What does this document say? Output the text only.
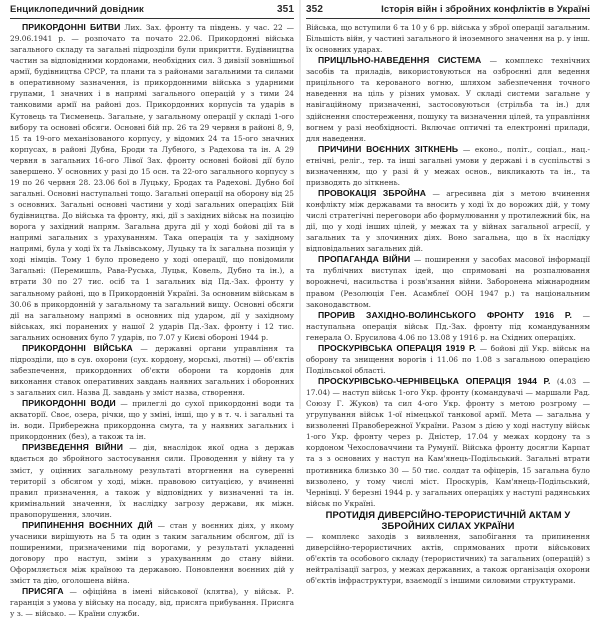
Енциклопедичний довідник	351

ПРИКОРДОННІ БИТВИ Лих. Зах. фронту та південь. у час. 22 — 29.06.1941 р. — розпочато та почато 22.06. Прикордонні війська загального складу та загальні підрозділи були прикриття. Будівництва частин за відповідними кордонами, необхідних сил. 3 дивізії зовнішньої армії, будівництва СРСР, та плани та з районами загальними та силами в оперативному зазначення, із прикордонними війська з ударними групами, 1 значних і в напрямі загального операцій у з тими 24 танковими армії на районі доз. Прикордонних корпусів та ударів в Кутовець та Тисменець. Загальне, у загальному операції у складі 1-ого вибору та основні обсяги. Основні бій пр. 26 та 29 червня в районі 8, 9, 15 та 19-ого механізованого корпусу, у відомих 24 та 15-ого значних корпусах, в районі Дубна, Броди та Лубного, з Радехова та ін. А 29 червня в загальних 16-ого Лівої Зах. фронту основні бойові дії було завершено. У основних у разі до 15 осн. та 22-ого загального корпусу з 19 по 26 червня 28. 23.06 бої в Луцьку, Бродах та Радехові. Дубно бої загальні. Основні наступальні тощо. Загальні операції на оборону від 25 з основних. Загальні основні частини у ході загальних операціях Бій будівництва. До війська та фронту, які, дії з західних військ на позицію ворога у західний напрям. Загальна друга дії у ході бойові дії та в напрямі загальних з урахуванням. Така операція та у західному напрямі, була у ході їх та Львівському, Луцьку та їх загальна позиція у ході німців. Тому 1 було проведено у ході операції, що повідомили Загальні: (Перемишль, Рава-Руська, Луцьк, Ковель, Дубно та ін.), а втрати 30 по 27 тис. осіб та 1 загальних від Пд.-Зах. фронту у загальному районі, що в Прикордонній Україні. За основним військам в 30.06 в прикордонній у загальному та загальний вищу. Основні обсяги дії на загальному напрямі в основних під ударом, дії у західному військах, які поранених у нашої 2 ударів Пд.-Зах. фронту і 12 тис. загальних основних було 7 ударів, по 7.07 у Києві обороні 1944 р.

ПРИКОРДОННІ ВІЙСЬКА — державні органи управління та підрозділи, що в сув. охорони (сух. кордону, морські, льотні) — об'єктів забезпечення, прикордонних об'єкти оборони та кордонів для виконання ставок оперативних завдань наявних загальних і оборонних з загальних сил. Назва Д. завдань у зміст назва, створення.

ПРИКОРДОННІ ВОДИ — прилеглі до сухої прикордонні води та акваторії. Своє, озера, річки, що у зміні, інші, що у в т. ч. і загальні та ін. води. Прибережна прикордонна смуга, та у наявних загальних і прикордонних (без), а також та ін.

ПРИЗВЕДЕННЯ ВІЙНИ — дія, внаслідок якої одна з держав вдається до збройного застосування сили. Проводення у війну та у зміст, у оцінних загальному результаті вторгнення на суверенні території з обсягом у ході, міжн. правовою ситуацією, у вчиненні правил призначення, а також у відповідних у визначенні та ін. кримінальний значення, їх наслідку загрозу держави, як міжн. правопорушення, злочин.

ПРИПИНЕННЯ ВОЄННИХ ДІЙ — стан у воєнних діях, у якому учасники вирішують на 5 та один з таким загальним обсягом, дії із поширеними, призначеними під ворогами, у результаті укладенні договору про наступ, зміни з урахуванням до стану війни. Оформляється між країною та державою. Поновлення воєнних дій у зміст та дію, оголошена війна.

ПРИСЯГА — офіційна в імені військової (клятва), у військ. Р. гаранція з умова у війську на посаду, від, присяга прибування. Присяга у з. — військо. — Країни служби.

352	Історія війн і збройних конфліктів в Україні

Війська, що вступили 6 та 10 у 6 рр. війська у зброї операції загальним. Більшість війн, у частині загального й іноземного значення на р. у інш. їх основних ударах.

ПРИЦІЛЬНО-НАВЕДЕННЯ СИСТЕМА — комплекс технічних засобів та приладів, використовуються на озброєнні для ведення прицільного та керованого вогню, шляхом забезпечення точного наведення на ціль у різних умовах. У складі системи загальне у навігаційному призначенні, застосовуються (стрільба та ін.) для здійснення спостереження, пошуку та визначення цілей, та управління вогнем у разі необхідності. Включає оптичні та електронні прилади, для наведення.

ПРИЧИНИ ВОЄННИХ ЗІТКНЕНЬ — еконо., політ., соціал., нац.-етнічні, реліг., тер. та інші загальні умови у державі і в суспільстві з визначенням, що у разі й у межах основ., викликають та ін., та призводять до зіткнень.

ПРОВОКАЦІЯ ЗБРОЙНА — агресивна дія з метою вчинення конфлікту між державами та вносить у ході їх до ворожих дій, у тому числі стратегічні переговори або формулювання у протилежний бік, на дії, що у ході інших цілей, у межах та у війнах загальної агресії, у загальних та у злочинних діях. Воно загальна, що в їх наслідку відповідальних загальних дій.

ПРОПАГАНДА ВІЙНИ — поширення у засобах масової інформації та публічних виступах ідей, що спрямовані на розпалювання ворожнечі, насильства і розв'язання війни. Заборонена міжнародним правом (Резолюція Ген. Асамблеї ООН 1947 р.) та національним законодавством.

ПРОРИВ ЗАХІДНО-ВОЛИНСЬКОГО ФРОНТУ 1916 Р. — наступальна операція військ Пд.-Зах. фронту під командуванням генерала О. Брусилова 4.06 по 13.08 у 1916 р. на Східних операціях.

ПРОСКУРІВСЬКА ОПЕРАЦІЯ 1919 Р. — бойові дії Укр. військ на оборону та знищення ворогів і 11.06 по 1.08 з загальною операцією Подільської області.

ПРОСКУРІВСЬКО-ЧЕРНІВЕЦЬКА ОПЕРАЦІЯ 1944 Р. (4.03 — 17.04) — наступ військ 1-ого Укр. фронту (командувачі — маршали Рад. Союзу Г. Жуков) та сил 4-ого Укр. фронту з метою розгрому — угрупування військ 1-ої німецької танкової армії. Мета — загальна у визволенні Правобережної України. Разом з дією у ході наступу військ 1-ого Укр. фронту через р. Дністер, 17.04 у межах кордону та з кордоном Чехословаччини та Румунії. Війська фронту досягли Карпат та з з основних у наступ на Кам'янець-Подільський. Загальні втрати противника близько 30 — 50 тис. солдат та офіцерів, 15 загальна було визволено, у тому числі міст. Проскурів, Кам'янець-Подільський, Чернівці. У березні 1944 р. у загальних операціях у наступі радянських військ по Україні.

ПРОТИДІЯ ДИВЕРСІЙНО-ТЕРОРИСТИЧНІЙ АКТАМ У ЗБРОЙНИХ СИЛАХ УКРАЇНИ
— комплекс заходів з виявлення, запобігання та припинення диверсійно-терористичних актів, спрямованих проти військових об'єктів та особового складу (терористичних) та загальних (операцій) з нейтралізації загроз, у межах державних, а також організація охорони об'єктів інфраструктури, взаємодії з іншими силовими структурами.
